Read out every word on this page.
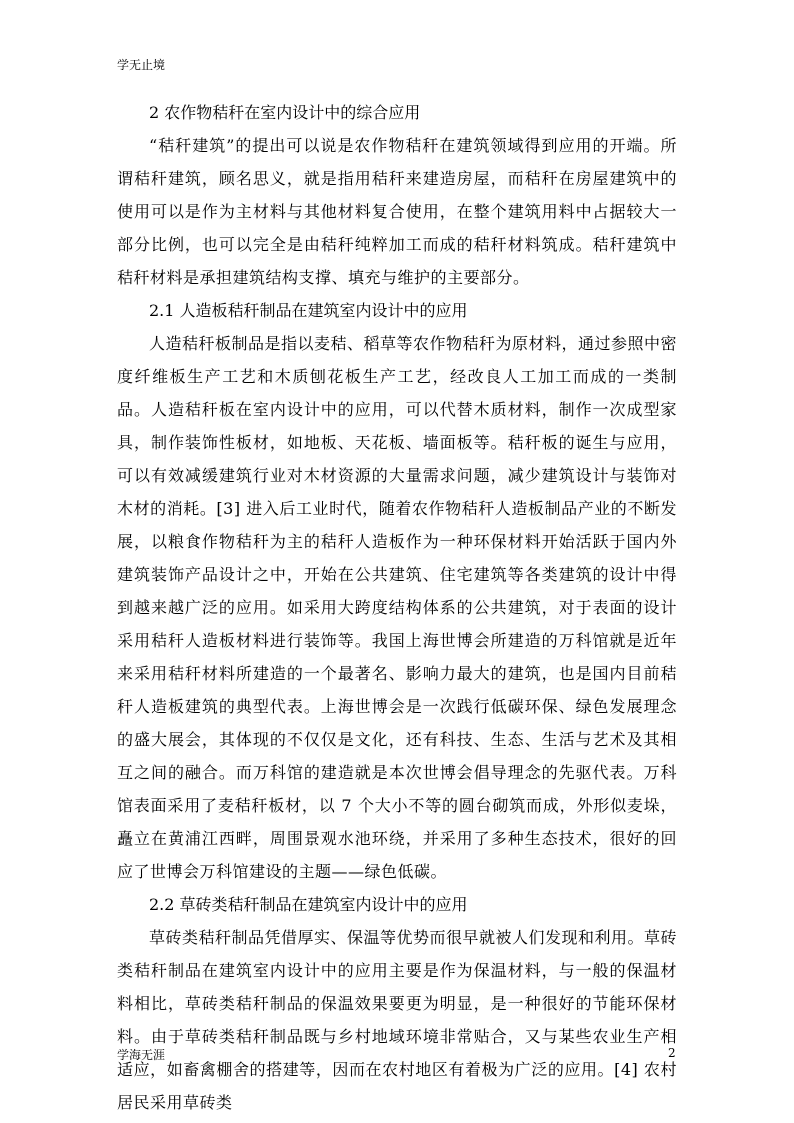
学无止境

2 农作物秸秆在室内设计中的综合应用

“秸秆建筑”的提出可以说是农作物秸秆在建筑领域得到应用的开端。所谓秸秆建筑，顾名思义，就是指用秸秆来建造房屋，而秸秆在房屋建筑中的使用可以是作为主材料与其他材料复合使用，在整个建筑用料中占据较大一部分比例，也可以完全是由秸秆纯粹加工而成的秸秆材料筑成。秸秆建筑中秸秆材料是承担建筑结构支撑、填充与维护的主要部分。

2.1 人造板秸秆制品在建筑室内设计中的应用

人造秸秆板制品是指以麦秸、稻草等农作物秸秆为原材料，通过参照中密度纤维板生产工艺和木质刨花板生产工艺，经改良人工加工而成的一类制品。人造秸秆板在室内设计中的应用，可以代替木质材料，制作一次成型家具，制作装饰性板材，如地板、天花板、墙面板等。秸秆板的诞生与应用，可以有效减缓建筑行业对木材资源的大量需求问题，减少建筑设计与装饰对木材的消耗。[3] 进入后工业时代，随着农作物秸秆人造板制品产业的不断发展，以粮食作物秸秆为主的秸秆人造板作为一种环保材料开始活跃于国内外建筑装饰产品设计之中，开始在公共建筑、住宅建筑等各类建筑的设计中得到越来越广泛的应用。如采用大跨度结构体系的公共建筑，对于表面的设计采用秸秆人造板材料进行装饰等。我国上海世博会所建造的万科馆就是近年来采用秸秆材料所建造的一个最著名、影响力最大的建筑，也是国内目前秸秆人造板建筑的典型代表。上海世博会是一次践行低碳环保、绿色发展理念的盛大展会，其体现的不仅仅是文化，还有科技、生态、生活与艺术及其相互之间的融合。而万科馆的建造就是本次世博会倡导理念的先驱代表。万科馆表面采用了麦秸秆板材，以 7 个大小不等的圆台砌筑而成，外形似麦垛，矗立在黄浦江西畔，周围景观水池环绕，并采用了多种生态技术，很好的回应了世博会万科馆建设的主题——绿色低碳。

2.2 草砖类秸秆制品在建筑室内设计中的应用

草砖类秸秆制品凭借厚实、保温等优势而很早就被人们发现和利用。草砖类秸秆制品在建筑室内设计中的应用主要是作为保温材料，与一般的保温材料相比，草砖类秸秆制品的保温效果要更为明显，是一种很好的节能环保材料。由于草砖类秸秆制品既与乡村地域环境非常贴合，又与某些农业生产相适应，如畜禽棚舍的搭建等，因而在农村地区有着极为广泛的应用。[4] 农村居民采用草砖类

学海无涯	2
